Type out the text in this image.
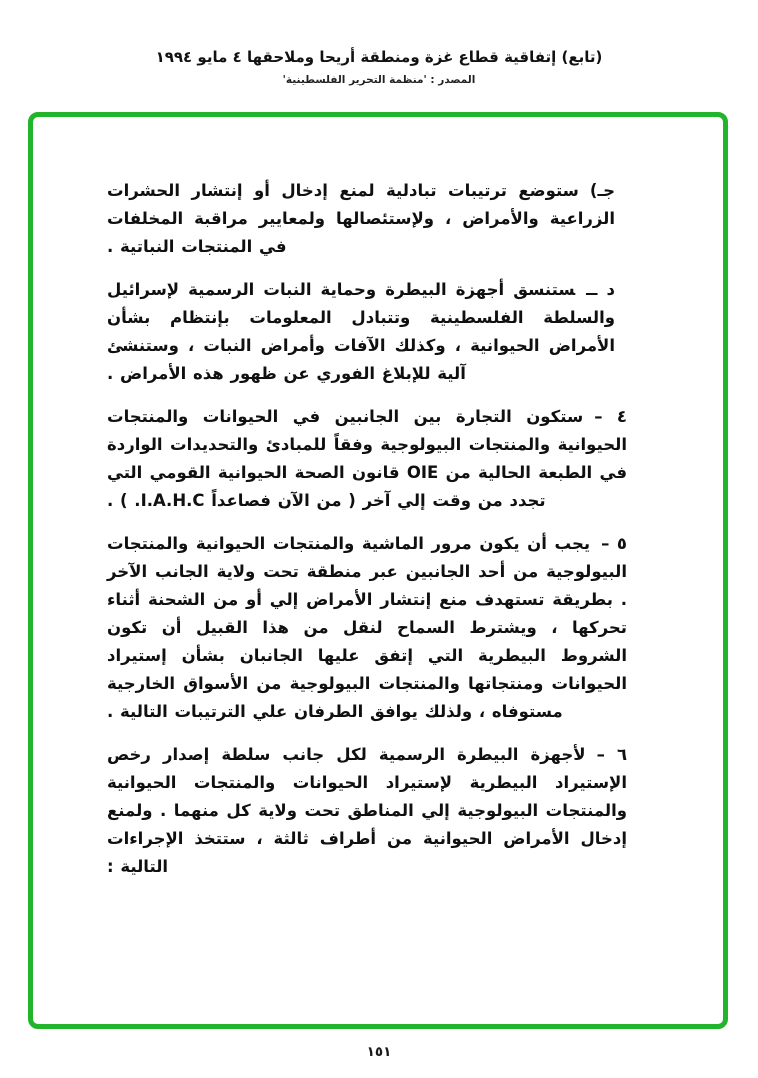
(تابع) إتفاقية قطاع غزة ومنطقة أريحا وملاحقها ٤ مايو ١٩٩٤
المصدر : 'منظمة التحرير الفلسطينية'
جـ)ستوضع ترتيبات تبادلية لمنع إدخال أو إنتشار الحشرات الزراعية والأمراض ، ولإستئصالها ولمعايير مراقبة المخلفات في المنتجات النباتية .
د ــستنسق أجهزة البيطرة وحماية النبات الرسمية لإسرائيل والسلطة الفلسطينية وتتبادل المعلومات بإنتظام بشأن الأمراض الحيوانية ، وكذلك الآفات وأمراض النبات ، وستنشئ آلية للإبلاغ الفوري عن ظهور هذه الأمراض .
٤ –ستكون التجارة بين الجانبين في الحيوانات والمنتجات الحيوانية والمنتجات البيولوجية وفقاً للمبادئ والتحديدات الواردة في الطبعة الحالية من OIE قانون الصحة الحيوانية القومي التي تجدد من وقت إلي آخر ( من الآن فصاعداً I.A.H.C. ) .
٥ –يجب أن يكون مرور الماشية والمنتجات الحيوانية والمنتجات البيولوجية من أحد الجانبين عبر منطقة تحت ولاية الجانب الآخر . بطريقة تستهدف منع إنتشار الأمراض إلي أو من الشحنة أثناء تحركها ، ويشترط السماح لنقل من هذا القبيل أن تكون الشروط البيطرية التي إتفق عليها الجانبان بشأن إستيراد الحيوانات ومنتجاتها والمنتجات البيولوجية من الأسواق الخارجية مستوفاه ، ولذلك يوافق الطرفان علي الترتيبات التالية .
٦ –لأجهزة البيطرة الرسمية لكل جانب سلطة إصدار رخص الإستيراد البيطرية لإستيراد الحيوانات والمنتجات الحيوانية والمنتجات البيولوجية إلي المناطق تحت ولاية كل منهما . ولمنع إدخال الأمراض الحيوانية من أطراف ثالثة ، ستتخذ الإجراءات التالية :
١٥١
